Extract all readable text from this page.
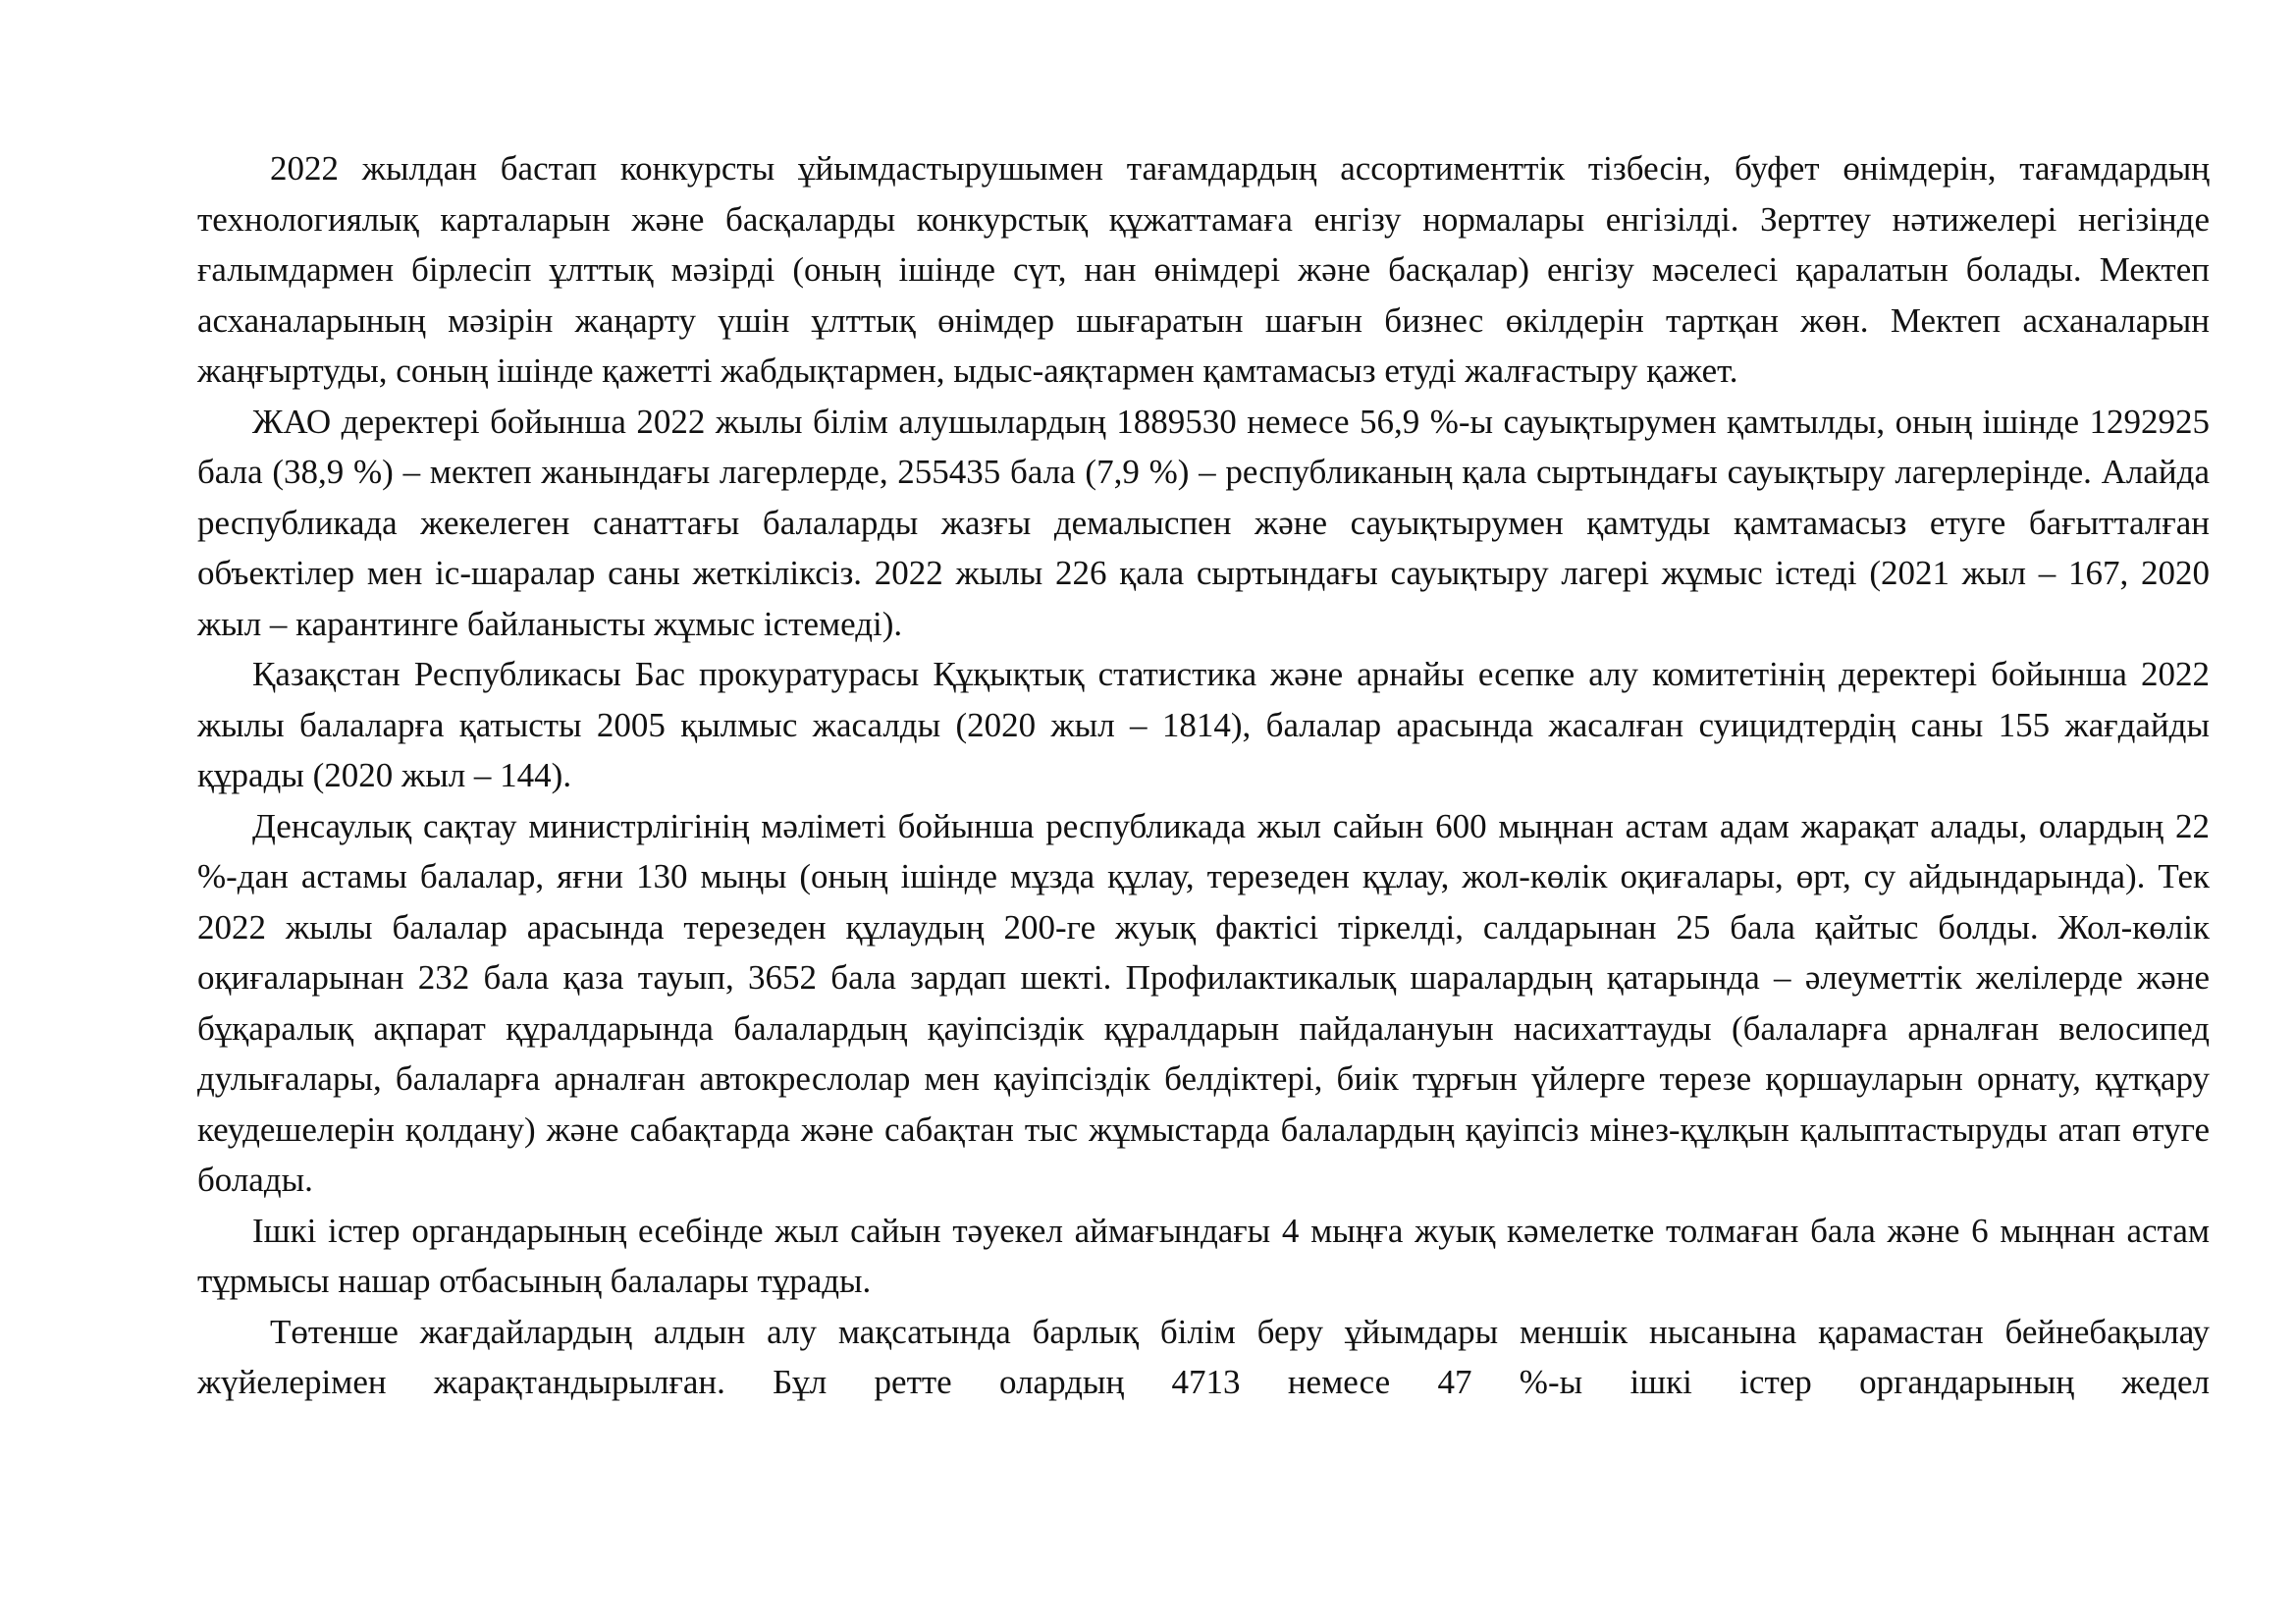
2022 жылдан бастап конкурсты ұйымдастырушымен тағамдардың ассортименттік тізбесін, буфет өнімдерін, тағамдардың технологиялық карталарын және басқаларды конкурстық құжаттамаға енгізу нормалары енгізілді. Зерттеу нәтижелері негізінде ғалымдармен бірлесіп ұлттық мәзірді (оның ішінде сүт, нан өнімдері және басқалар) енгізу мәселесі қаралатын болады. Мектеп асханаларының мәзірін жаңарту үшін ұлттық өнімдер шығаратын шағын бизнес өкілдерін тартқан жөн. Мектеп асханаларын жаңғыртуды, соның ішінде қажетті жабдықтармен, ыдыс-аяқтармен қамтамасыз етуді жалғастыру қажет.

ЖАО деректері бойынша 2022 жылы білім алушылардың 1889530 немесе 56,9 %-ы сауықтырумен қамтылды, оның ішінде 1292925 бала (38,9 %) – мектеп жанындағы лагерлерде, 255435 бала (7,9 %) – республиканың қала сыртындағы сауықтыру лагерлерінде. Алайда республикада жекелеген санаттағы балаларды жазғы демалыспен және сауықтырумен қамтуды қамтамасыз етуге бағытталған объектілер мен іс-шаралар саны жеткіліксіз. 2022 жылы 226 қала сыртындағы сауықтыру лагері жұмыс істеді (2021 жыл – 167, 2020 жыл – карантинге байланысты жұмыс істемеді).

Қазақстан Республикасы Бас прокуратурасы Құқықтық статистика және арнайы есепке алу комитетінің деректері бойынша 2022 жылы балаларға қатысты 2005 қылмыс жасалды (2020 жыл – 1814), балалар арасында жасалған суицидтердің саны 155 жағдайды құрады (2020 жыл – 144).

Денсаулық сақтау министрлігінің мәліметі бойынша республикада жыл сайын 600 мыңнан астам адам жарақат алады, олардың 22 %-дан астамы балалар, яғни 130 мыңы (оның ішінде мұзда құлау, терезеден құлау, жол-көлік оқиғалары, өрт, су айдындарында). Тек 2022 жылы балалар арасында терезеден құлаудың 200-ге жуық фактісі тіркелді, салдарынан 25 бала қайтыс болды. Жол-көлік оқиғаларынан 232 бала қаза тауып, 3652 бала зардап шекті. Профилактикалық шаралардың қатарында – әлеуметтік желілерде және бұқаралық ақпарат құралдарында балалардың қауіпсіздік құралдарын пайдалануын насихаттауды (балаларға арналған велосипед дулығалары, балаларға арналған автокреслолар мен қауіпсіздік белдіктері, биік тұрғын үйлерге терезе қоршауларын орнату, құтқару кеудешелерін қолдану) және сабақтарда және сабақтан тыс жұмыстарда балалардың қауіпсіз мінез-құлқын қалыптастыруды атап өтуге болады.

Ішкі істер органдарының есебінде жыл сайын тәуекел аймағындағы 4 мыңға жуық кәмелетке толмаған бала және 6 мыңнан астам тұрмысы нашар отбасының балалары тұрады.

Төтенше жағдайлардың алдын алу мақсатында барлық білім беру ұйымдары меншік нысанына қарамастан бейнебақылау жүйелерімен жарақтандырылған. Бұл ретте олардың 4713 немесе 47 %-ы ішкі істер органдарының жедел
